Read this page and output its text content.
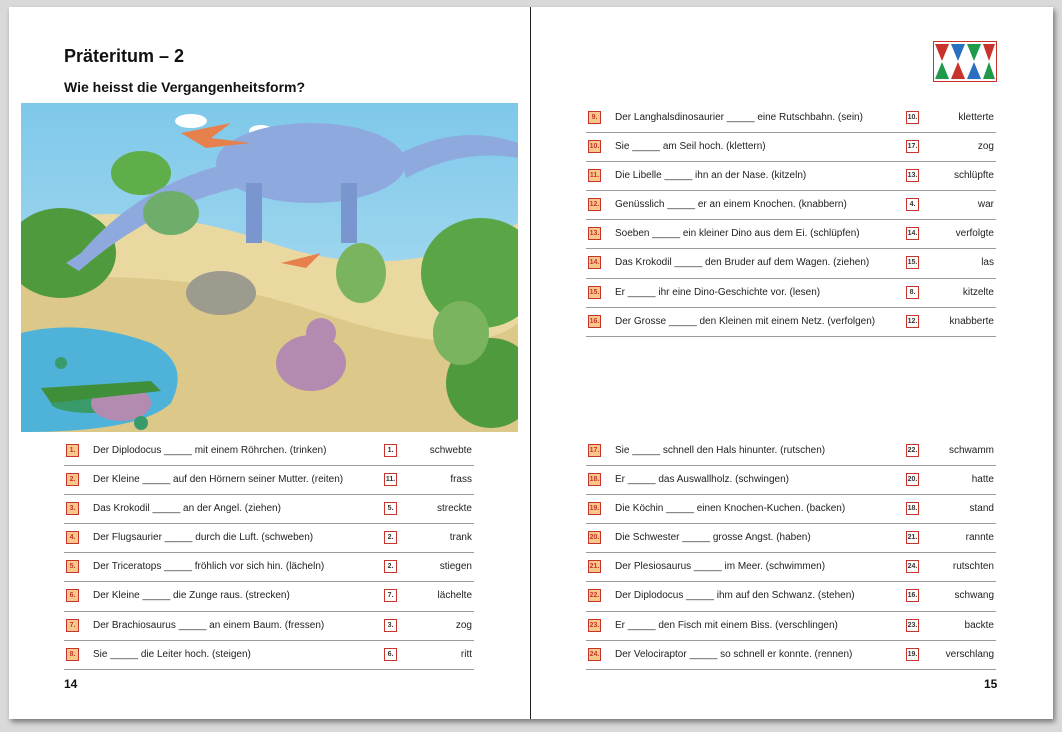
Präteritum – 2
Wie heisst die Vergangenheitsform?
1.	Der Diplodocus _____ mit einem Röhrchen. (trinken)	1.	schwebte
2.	Der Kleine _____ auf den Hörnern seiner Mutter. (reiten)	11.	frass
3.	Das Krokodil _____ an der Angel. (ziehen)	5.	streckte
4.	Der Flugsaurier _____ durch die Luft. (schweben)	2.	trank
5.	Der Triceratops _____ fröhlich vor sich hin. (lächeln)	2.	stiegen
6.	Der Kleine _____ die Zunge raus. (strecken)	7.	lächelte
7.	Der Brachiosaurus _____ an einem Baum. (fressen)	3.	zog
8.	Sie _____ die Leiter hoch. (steigen)	6.	ritt
14
9.	Der Langhalsdinosaurier _____ eine Rutschbahn. (sein)	10.	kletterte
10. Sie _____ am Seil hoch. (klettern)	17.	zog
11. Die Libelle _____ ihn an der Nase. (kitzeln)	13.	schlüpfte
12. Genüsslich _____ er an einem Knochen. (knabbern)	4.	war
13. Soeben _____ ein kleiner Dino aus dem Ei. (schlüpfen)	14.	verfolgte
14. Das Krokodil _____ den Bruder auf dem Wagen. (ziehen)	15.	las
15. Er _____ ihr eine Dino-Geschichte vor. (lesen)	8.	kitzelte
16. Der Grosse _____ den Kleinen mit einem Netz. (verfolgen)	12.	knabberte
17. Sie _____ schnell den Hals hinunter. (rutschen)	22.	schwamm
18. Er _____ das Auswallholz. (schwingen)	20.	hatte
19. Die Köchin _____ einen Knochen-Kuchen. (backen)	18.	stand
20. Die Schwester _____ grosse Angst. (haben)	21.	rannte
21. Der Plesiosaurus _____ im Meer. (schwimmen)	24.	rutschten
22. Der Diplodocus _____ ihm auf den Schwanz. (stehen)	16.	schwang
23. Er _____ den Fisch mit einem Biss. (verschlingen)	23.	backte
24. Der Velociraptor _____ so schnell er konnte. (rennen)	19.	verschlang
15
